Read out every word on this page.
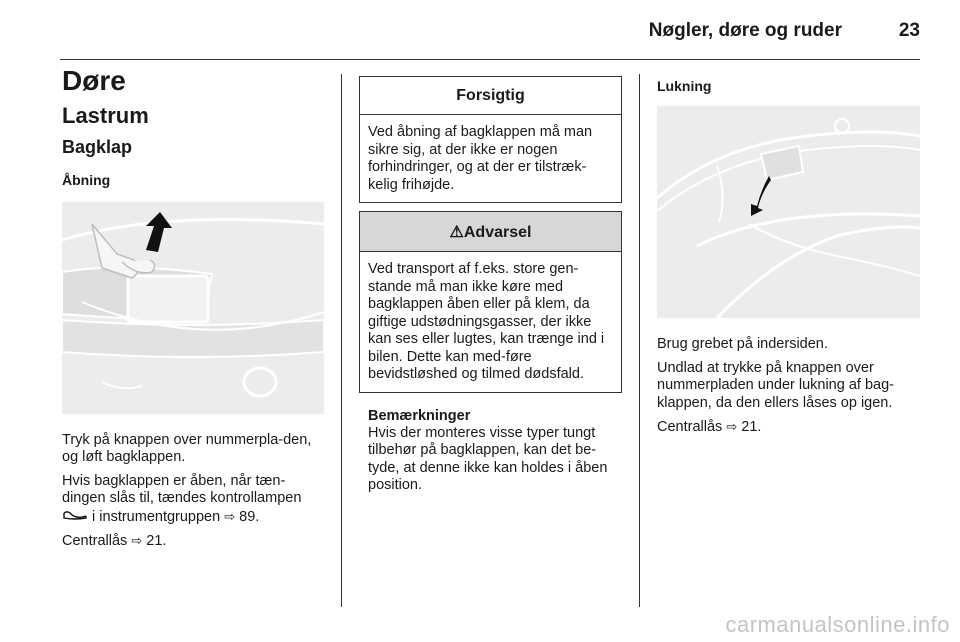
Nøgler, døre og ruder	23
Døre
Lastrum
Bagklap
Åbning

Tryk på knappen over nummerpla-den, og løft bagklappen.

Hvis bagklappen er åben, når tæn-dingen slås til, tændes kontrollampen  i instrumentgruppen ⇨ 89.

Centrallås ⇨ 21.

Forsigtig
Ved åbning af bagklappen må man sikre sig, at der ikke er nogen forhindringer, og at der er tilstræk-kelig frihøjde.
⚠Advarsel
Ved transport af f.eks. store gen-stande må man ikke køre med bagklappen åben eller på klem, da giftige udstødningsgasser, der ikke kan ses eller lugtes, kan trænge ind i bilen. Dette kan med-føre bevidstløshed og tilmed dødsfald.
Bemærkninger

Hvis der monteres visse typer tungt tilbehør på bagklappen, kan det be-tyde, at denne ikke kan holdes i åben position.

Lukning

Brug grebet på indersiden.

Undlad at trykke på knappen over nummerpladen under lukning af bag-klappen, da den ellers låses op igen.

Centrallås ⇨ 21.

carmanualsonline.info
